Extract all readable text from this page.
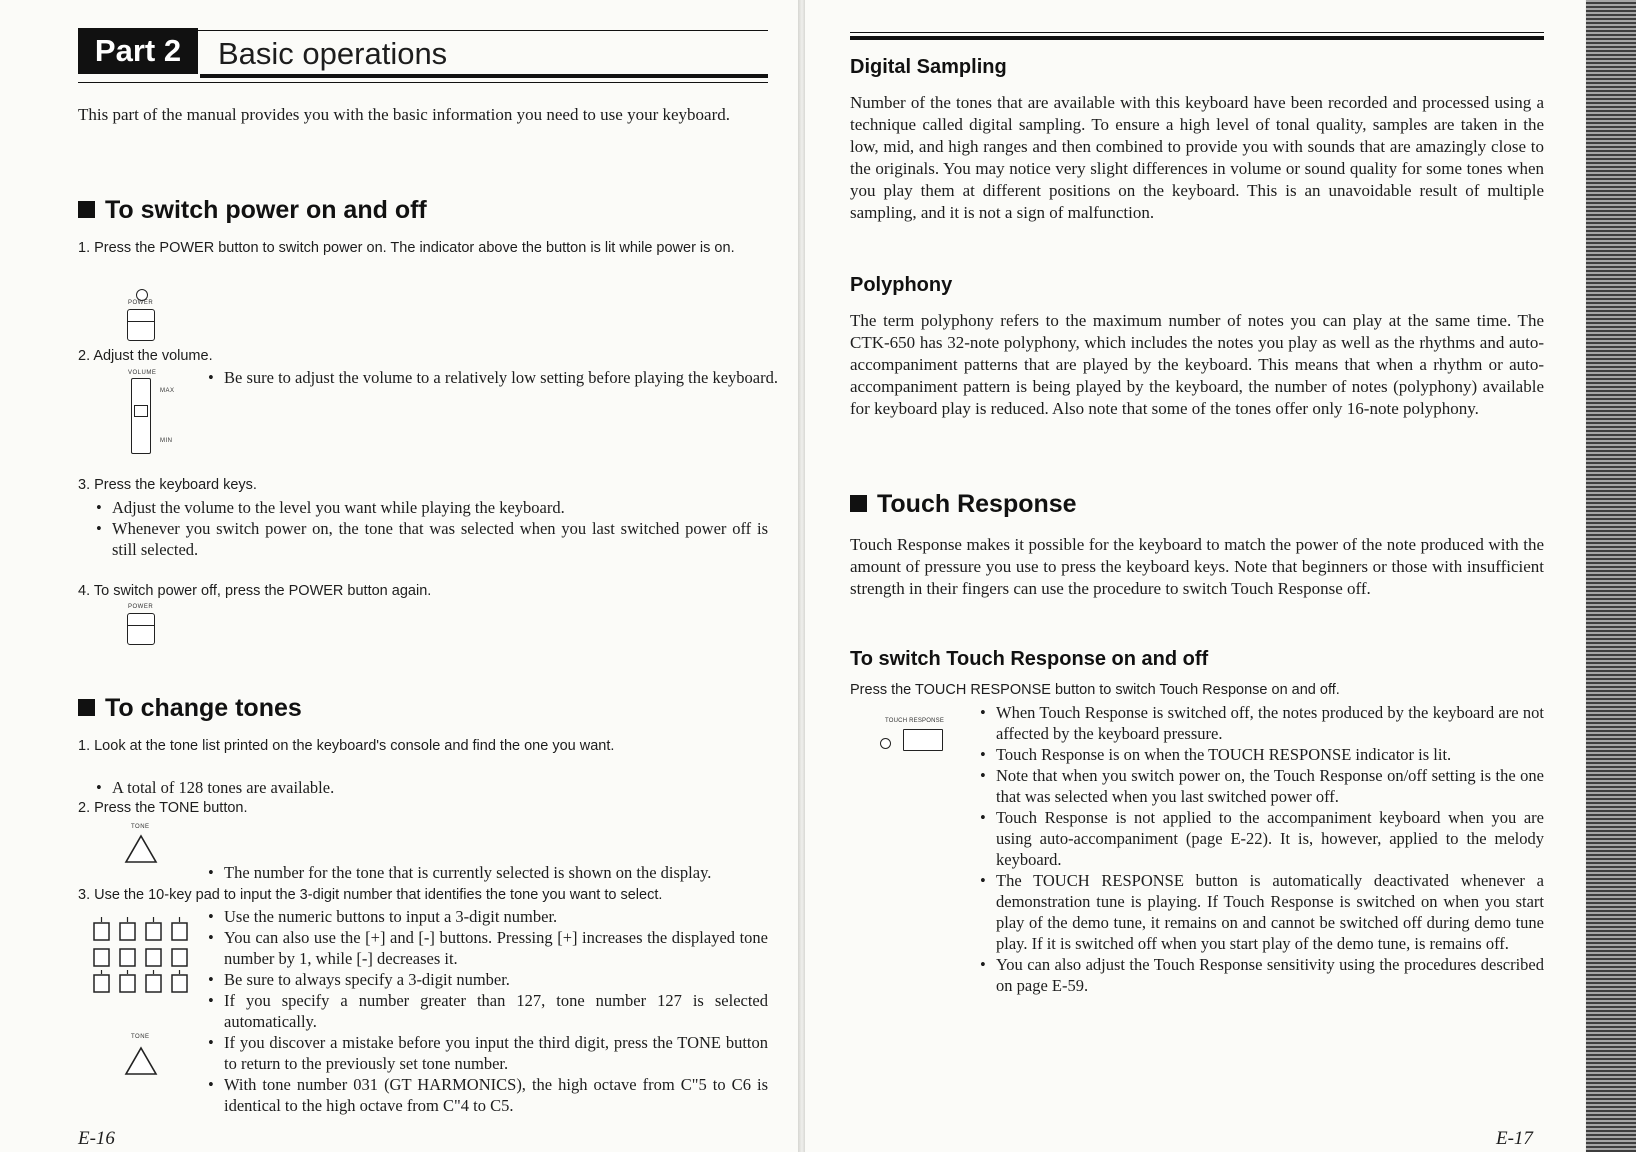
Part 2	Basic operations
This part of the manual provides you with the basic information you need to use your keyboard.
To switch power on and off
1. Press the POWER button to switch power on. The indicator above the button is lit while power is on.
POWER
2. Adjust the volume.
VOLUME
MAX
MIN
• Be sure to adjust the volume to a relatively low setting before playing the keyboard.
3. Press the keyboard keys.
• Adjust the volume to the level you want while playing the keyboard.
• Whenever you switch power on, the tone that was selected when you last switched power off is still selected.
4. To switch power off, press the POWER button again.
POWER
To change tones
1. Look at the tone list printed on the keyboard's console and find the one you want.
• A total of 128 tones are available.
2. Press the TONE button.
TONE
• The number for the tone that is currently selected is shown on the display.
3. Use the 10-key pad to input the 3-digit number that identifies the tone you want to select.
TONE
• Use the numeric buttons to input a 3-digit number.
• You can also use the [+] and [-] buttons. Pressing [+] increases the displayed tone number by 1, while [-] decreases it.
• Be sure to always specify a 3-digit number.
• If you specify a number greater than 127, tone number 127 is selected automatically.
• If you discover a mistake before you input the third digit, press the TONE button to return to the previously set tone number.
• With tone number 031 (GT HARMONICS), the high octave from C"5 to C6 is identical to the high octave from C"4 to C5.
E-16
Digital Sampling
Number of the tones that are available with this keyboard have been recorded and processed using a technique called digital sampling. To ensure a high level of tonal quality, samples are taken in the low, mid, and high ranges and then combined to provide you with sounds that are amazingly close to the originals. You may notice very slight differences in volume or sound quality for some tones when you play them at different positions on the keyboard. This is an unavoidable result of multiple sampling, and it is not a sign of malfunction.
Polyphony
The term polyphony refers to the maximum number of notes you can play at the same time. The CTK-650 has 32-note polyphony, which includes the notes you play as well as the rhythms and auto-accompaniment patterns that are played by the keyboard. This means that when a rhythm or auto-accompaniment pattern is being played by the keyboard, the number of notes (polyphony) available for keyboard play is reduced. Also note that some of the tones offer only 16-note polyphony.
Touch Response
Touch Response makes it possible for the keyboard to match the power of the note produced with the amount of pressure you use to press the keyboard keys. Note that beginners or those with insufficient strength in their fingers can use the procedure to switch Touch Response off.
To switch Touch Response on and off
Press the TOUCH RESPONSE button to switch Touch Response on and off.
TOUCH RESPONSE
•	When Touch Response is switched off, the notes produced by the keyboard are not affected by the keyboard pressure.
• Touch Response is on when the TOUCH RESPONSE indicator is lit.
• Note that when you switch power on, the Touch Response on/off setting is the one that was selected when you last switched power off.
• Touch Response is not applied to the accompaniment keyboard when you are using auto-accompaniment (page E-22). It is, however, applied to the melody keyboard.
• The TOUCH RESPONSE button is automatically deactivated whenever a demonstration tune is playing. If Touch Response is switched on when you start play of the demo tune, it remains on and cannot be switched off during demo tune play. If it is switched off when you start play of the demo tune, is remains off.
• You can also adjust the Touch Response sensitivity using the procedures described on page E-59.
E-17
